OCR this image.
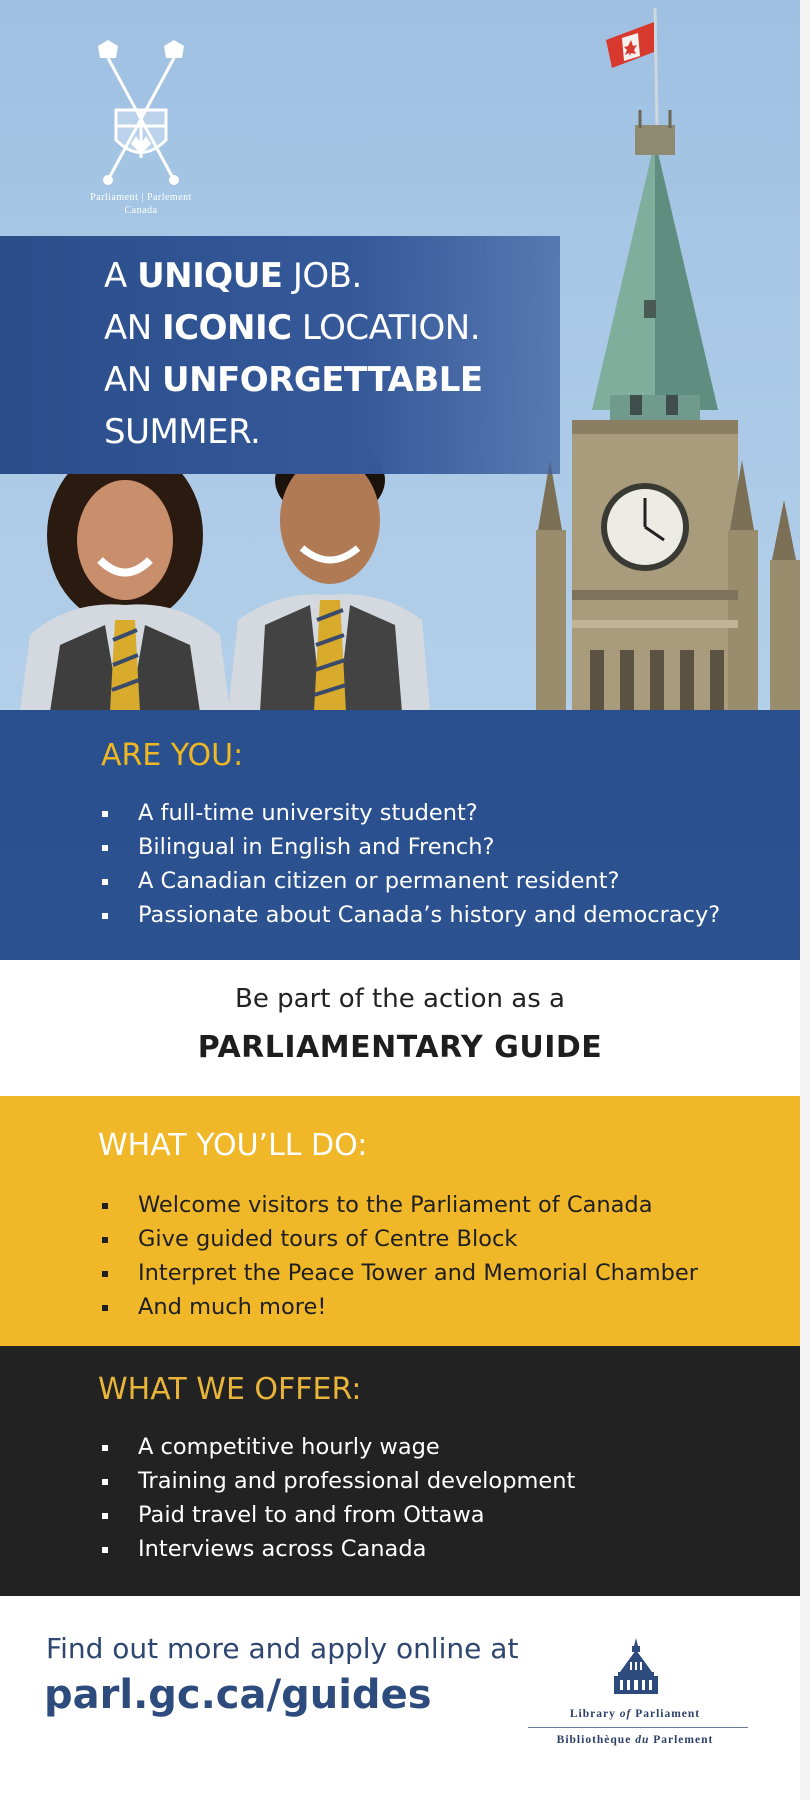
Parliament | Parlement
Canada
A UNIQUE JOB.
AN ICONIC LOCATION.
AN UNFORGETTABLE
SUMMER.
ARE YOU:
A full-time university student?
Bilingual in English and French?
A Canadian citizen or permanent resident?
Passionate about Canada’s history and democracy?
Be part of the action as a
PARLIAMENTARY GUIDE
WHAT YOU’LL DO:
Welcome visitors to the Parliament of Canada
Give guided tours of Centre Block
Interpret the Peace Tower and Memorial Chamber
And much more!
WHAT WE OFFER:
A competitive hourly wage
Training and professional development
Paid travel to and from Ottawa
Interviews across Canada
Find out more and apply online at
parl.gc.ca/guides	Library of Parliament
Bibliothèque du Parlement
